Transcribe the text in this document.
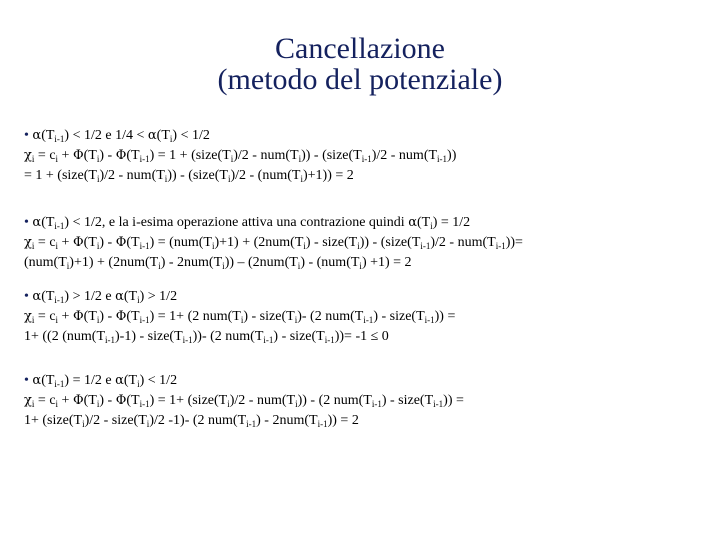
Cancellazione
(metodo del potenziale)
• $\alpha(T_{i-1}) < 1/2$ e $1/4 < \alpha(T_i) < 1/2$
$\chi_i = c_i + \Phi(T_i) - \Phi(T_{i-1}) = 1$ + $(size(T_i)/2 - num(T_i))$ - $(size(T_{i-1})/2 - num(T_{i-1}))$
= $1 + (size(T_i)/2 - num(T_i))$ - $(size(T_i)/2 - (num(T_i)+1)) = 2$
• $\alpha(T_{i-1}) < 1/2$, e la i-esima operazione attiva una contrazione quindi $\alpha(T_i) = 1/2$
$\chi_i = c_i + \Phi(T_i) - \Phi(T_{i-1}) = (num(T_i)+1) + (2num(T_i)$ - $size(T_i)$) - $(size(T_{i-1})/2 - num(T_{i-1}))=$
$(num(T_i)+1) + (2num(T_i) - 2num(T_i)) - (2num(T_i) - (num(T_i) +1) = 2$
• $\alpha(T_{i-1}) > 1/2$ e $\alpha(T_i) > 1/2$
$\chi_i = c_i + \Phi(T_i) - \Phi(T_{i-1}) = 1+ (2$ $num(T_i)$ - $size(T_i)-$ (2 $num(T_{i-1})$ - $size(T_{i-1})$) =
1+ ((2 $(num(T_{i-1})-1)$ - $size(T_{i-1}))-$ (2 $num(T_{i-1})$ - $size(T_{i-1}))= -1 \le 0$
• $\alpha(T_{i-1}) = 1/2$ e $\alpha(T_i) < 1/2$
$\chi_i = c_i + \Phi(T_i) - \Phi(T_{i-1}) = 1+$ $(size(T_i)/2 - num(T_i)) - (2$ $num(T_{i-1})$ - $size(T_{i-1})$) =
$1+ (size(T_i)/2$ - $size(T_i)/2$ -1)- (2 $num(T_{i-1}) - 2num(T_{i-1})) = 2$
